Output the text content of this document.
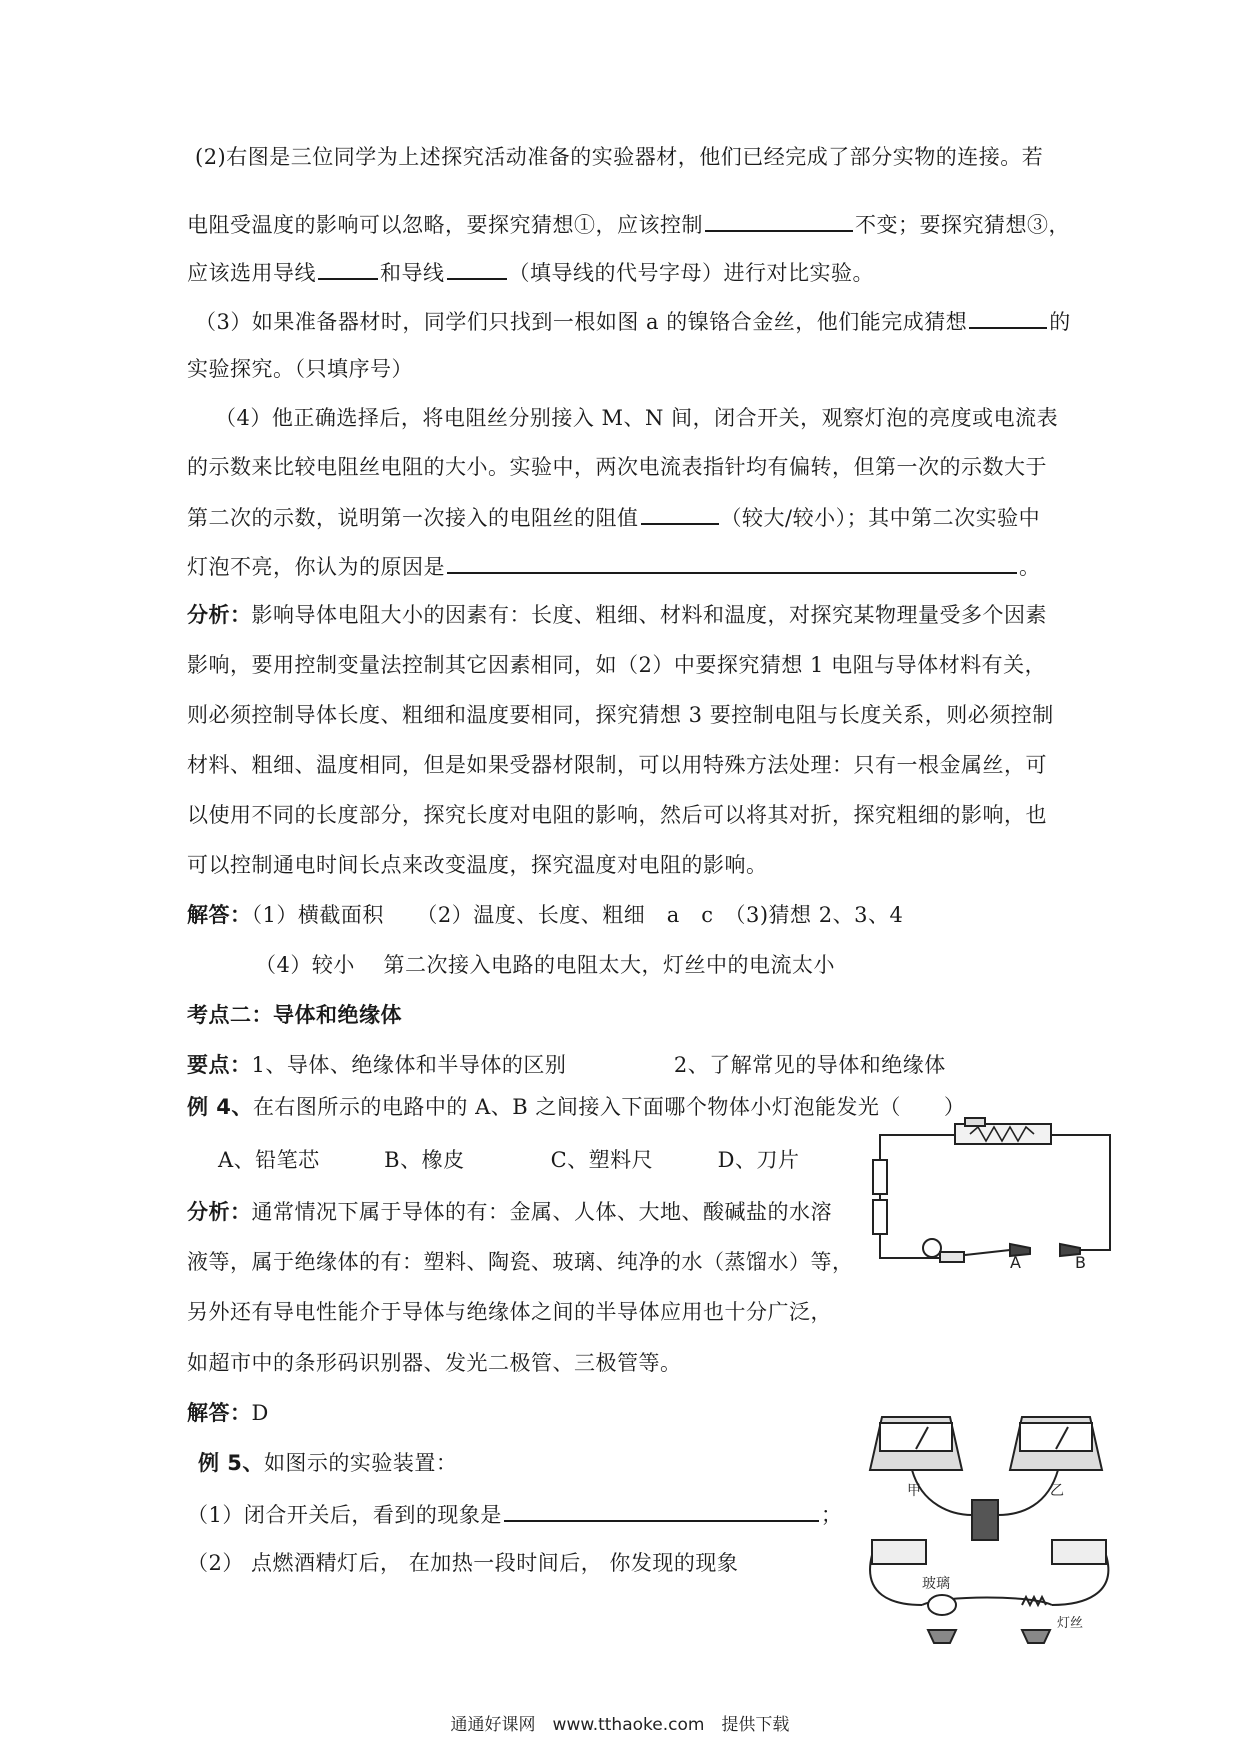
(2)右图是三位同学为上述探究活动准备的实验器材，他们已经完成了部分实物的连接。若
电阻受温度的影响可以忽略，要探究猜想①，应该控制	不变；要探究猜想③，
应该选用导线	和导线	（填导线的代号字母）进行对比实验。
（3）如果准备器材时，同学们只找到一根如图 a 的镍铬合金丝，他们能完成猜想	的
实验探究。（只填序号）
（4）他正确选择后，将电阻丝分别接入 M、N 间，闭合开关，观察灯泡的亮度或电流表
的示数来比较电阻丝电阻的大小。实验中，两次电流表指针均有偏转，但第一次的示数大于
第二次的示数，说明第一次接入的电阻丝的阻值	（较大/较小）；其中第二次实验中
灯泡不亮，你认为的原因是	。
分析：影响导体电阻大小的因素有：长度、粗细、材料和温度，对探究某物理量受多个因素
影响，要用控制变量法控制其它因素相同，如（2）中要探究猜想 1 电阻与导体材料有关，
则必须控制导体长度、粗细和温度要相同，探究猜想 3 要控制电阻与长度关系，则必须控制
材料、粗细、温度相同，但是如果受器材限制，可以用特殊方法处理：只有一根金属丝，可
以使用不同的长度部分，探究长度对电阻的影响，然后可以将其对折，探究粗细的影响，也
可以控制通电时间长点来改变温度，探究温度对电阻的影响。
解答：（1）横截面积　　（2）温度、长度、粗细　a　c　（3)猜想 2、3、4
（4）较小　 第二次接入电路的电阻太大，灯丝中的电流太小
考点二：导体和绝缘体
要点：1、导体、绝缘体和半导体的区别　　　　　2、了解常见的导体和绝缘体
例 4、在右图所示的电路中的 A、B 之间接入下面哪个物体小灯泡能发光（　　）
A、铅笔芯　　　B、橡皮　　　　C、塑料尺　　　D、刀片
分析：通常情况下属于导体的有：金属、人体、大地、酸碱盐的水溶
液等，属于绝缘体的有：塑料、陶瓷、玻璃、纯净的水（蒸馏水）等，
另外还有导电性能介于导体与绝缘体之间的半导体应用也十分广泛，
如超市中的条形码识别器、发光二极管、三极管等。
解答：D
A	B
例 5、如图示的实验装置：
（1）闭合开关后，看到的现象是	；
（2） 点燃酒精灯后， 在加热一段时间后， 你发现的现象
甲	乙
玻璃
灯丝
通通好课网　www.tthaoke.com　提供下载
